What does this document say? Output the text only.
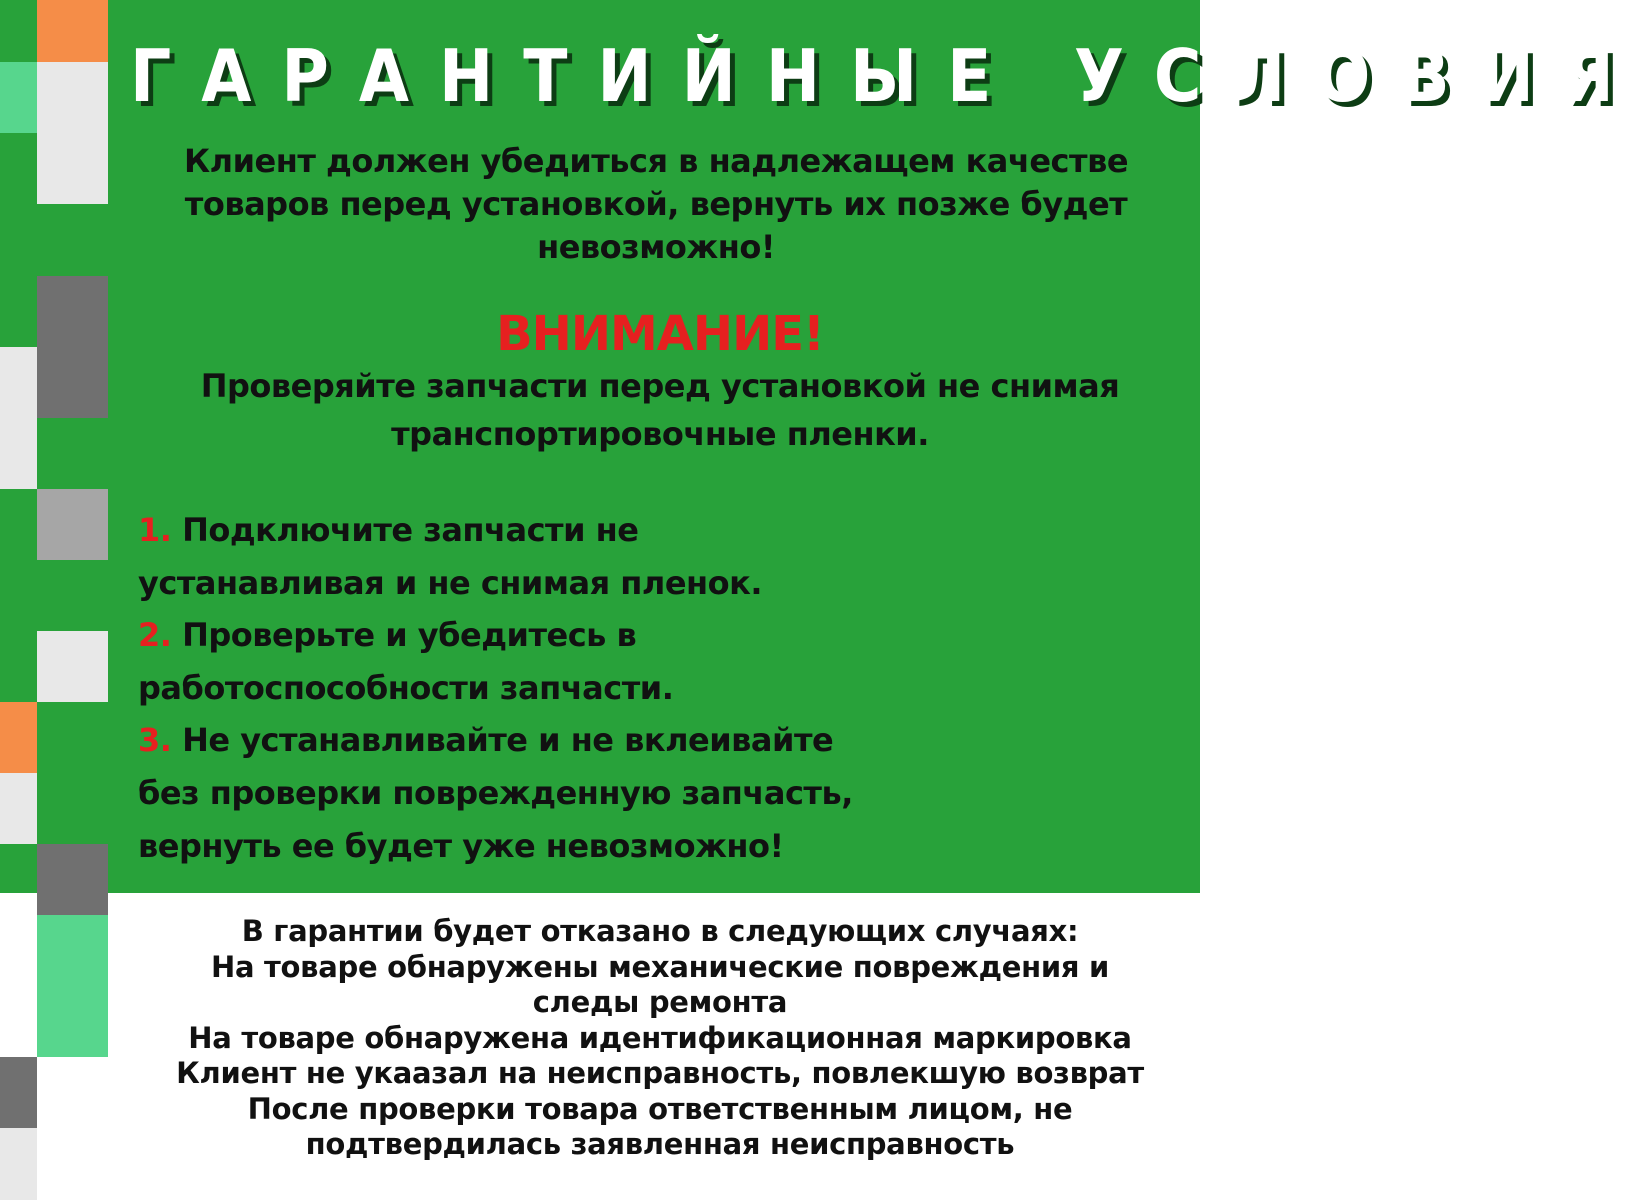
ГАРАНТИЙНЫЕ УСЛОВИЯ
Клиент должен убедиться в надлежащем качестве товаров перед установкой, вернуть их позже будет невозможно!
ВНИМАНИЕ!
Проверяйте запчасти перед установкой не снимая транспортировочные пленки.
1. Подключите запчасти не
устанавливая и не снимая пленок.
2. Проверьте и убедитесь в
работоспособности запчасти.
3. Не устанавливайте и не вклеивайте
без проверки поврежденную запчасть,
вернуть ее будет уже невозможно!
В гарантии будет отказано в следующих случаях:
На товаре обнаружены механические повреждения и
следы ремонта
На товаре обнаружена идентификационная маркировка
Клиент не укаазал на неисправность, повлекшую возврат
После проверки товара ответственным лицом, не
подтвердилась заявленная неисправность
